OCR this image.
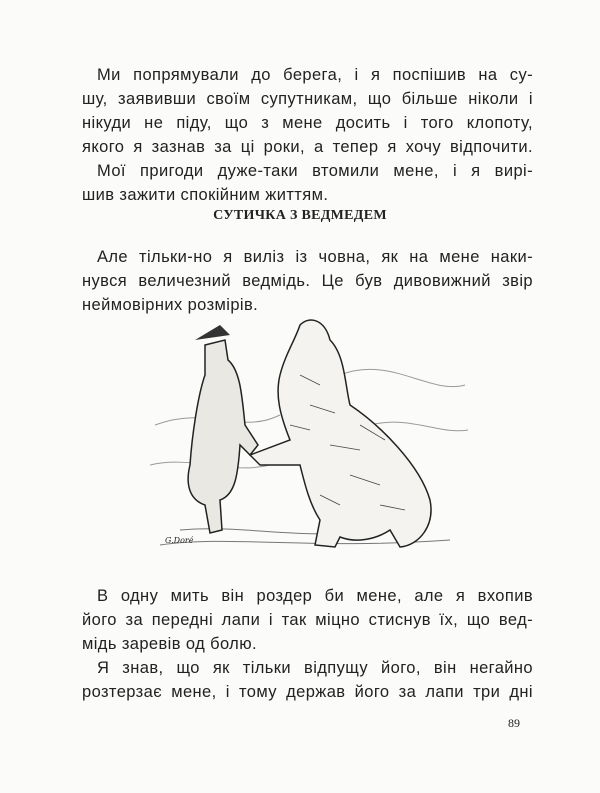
Ми попрямували до берега, і я поспішив на су-
шу, заявивши своїм супутникам, що більше ніколи і
нікуди не піду, що з мене досить і того клопоту,
якого я зазнав за ці роки, а тепер я хочу відпочити.
Мої пригоди дуже-таки втомили мене, і я вирі-
шив зажити спокійним життям.
СУТИЧКА З ВЕДМЕДЕМ
Але тільки-но я виліз із човна, як на мене наки-
нувся величезний ведмідь. Це був дивовижний звір
неймовірних розмірів.
G.Doré
В одну мить він роздер би мене, але я вхопив
його за передні лапи і так міцно стиснув їх, що вед-
мідь заревів од болю.
Я знав, що як тільки відпущу його, він негайно
розтерзає мене, і тому держав його за лапи три дні
89
